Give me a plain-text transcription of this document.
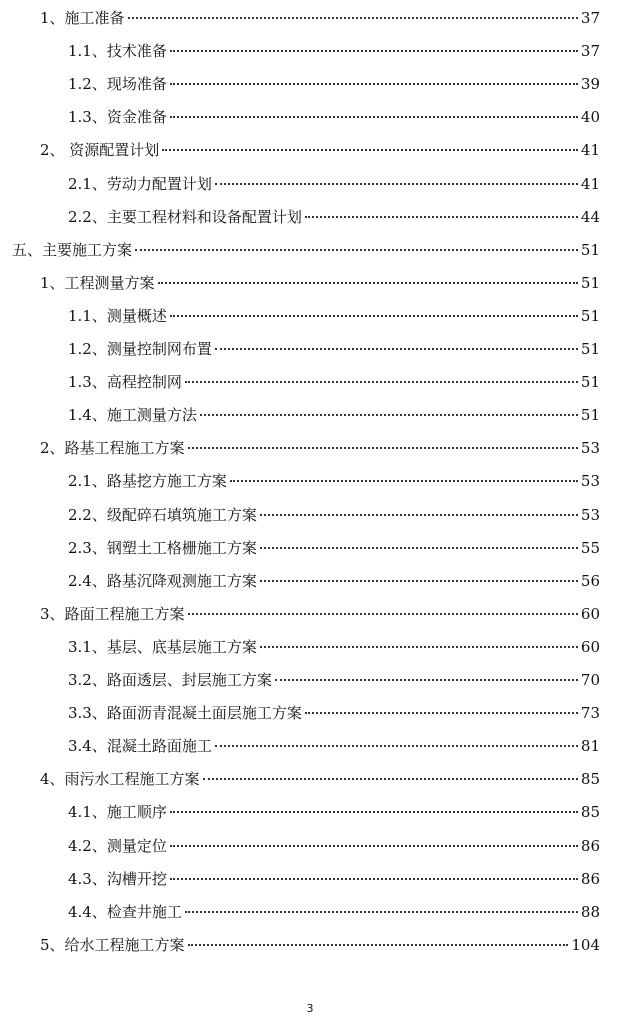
1、施工准备	37
1.1、技术准备	37
1.2、现场准备	39
1.3、资金准备	40
2、 资源配置计划	41
2.1、劳动力配置计划	41
2.2、主要工程材料和设备配置计划	44
五、主要施工方案	51
1、工程测量方案	51
1.1、测量概述	51
1.2、测量控制网布置	51
1.3、高程控制网	51
1.4、施工测量方法	51
2、路基工程施工方案	53
2.1、路基挖方施工方案	53
2.2、级配碎石填筑施工方案	53
2.3、钢塑土工格栅施工方案	55
2.4、路基沉降观测施工方案	56
3、路面工程施工方案	60
3.1、基层、底基层施工方案	60
3.2、路面透层、封层施工方案	70
3.3、路面沥青混凝土面层施工方案	73
3.4、混凝土路面施工	81
4、雨污水工程施工方案	85
4.1、施工顺序	85
4.2、测量定位	86
4.3、沟槽开挖	86
4.4、检查井施工	88
5、给水工程施工方案	104
3
